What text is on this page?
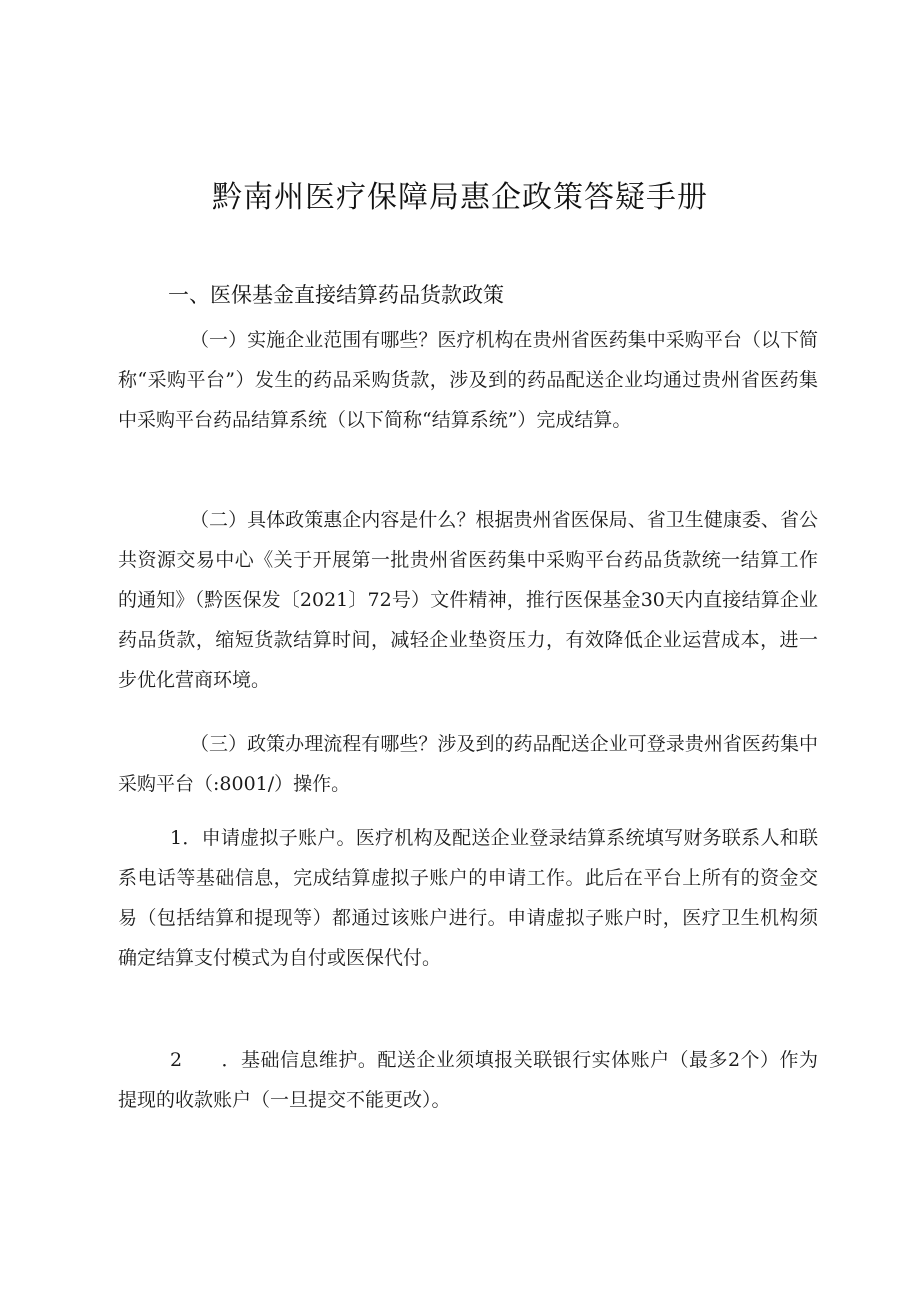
黔南州医疗保障局惠企政策答疑手册
一、医保基金直接结算药品货款政策

（一）实施企业范围有哪些？医疗机构在贵州省医药集中采购平台（以下简称“采购平台”）发生的药品采购货款，涉及到的药品配送企业均通过贵州省医药集中采购平台药品结算系统（以下简称“结算系统”）完成结算。

（二）具体政策惠企内容是什么？根据贵州省医保局、省卫生健康委、省公共资源交易中心《关于开展第一批贵州省医药集中采购平台药品货款统一结算工作的通知》（黔医保发〔2021〕72号）文件精神，推行医保基金30天内直接结算企业药品货款，缩短货款结算时间，减轻企业垫资压力，有效降低企业运营成本，进一步优化营商环境。

（三）政策办理流程有哪些？涉及到的药品配送企业可登录贵州省医药集中采购平台（:8001/）操作。

1．申请虚拟子账户。医疗机构及配送企业登录结算系统填写财务联系人和联系电话等基础信息，完成结算虚拟子账户的申请工作。此后在平台上所有的资金交易（包括结算和提现等）都通过该账户进行。申请虚拟子账户时，医疗卫生机构须确定结算支付模式为自付或医保代付。

2　　．基础信息维护。配送企业须填报关联银行实体账户（最多2个）作为提现的收款账户（一旦提交不能更改）。
